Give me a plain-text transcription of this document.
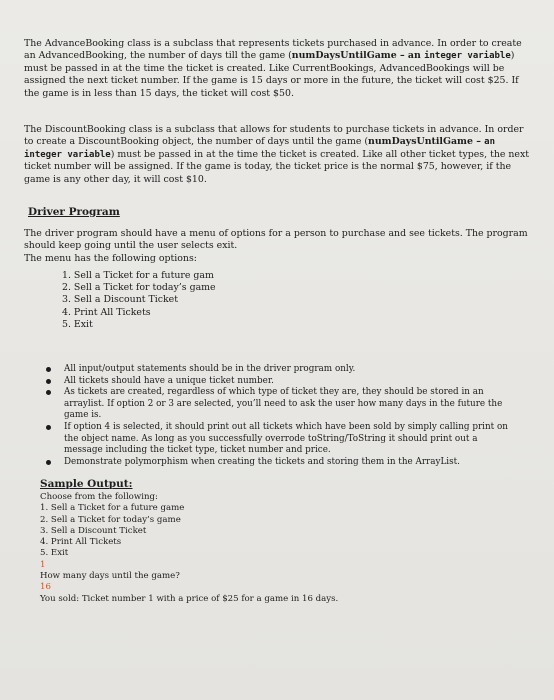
The AdvanceBooking class is a subclass that represents tickets purchased in advance. In order to create an AdvancedBooking, the number of days till the game (numDaysUntilGame – an integer variable) must be passed in at the time the ticket is created. Like CurrentBookings, AdvancedBookings will be assigned the next ticket number. If the game is 15 days or more in the future, the ticket will cost $25. If the game is in less than 15 days, the ticket will cost $50.

The DiscountBooking class is a subclass that allows for students to purchase tickets in advance. In order to create a DiscountBooking object, the number of days until the game (numDaysUntilGame – an integer variable) must be passed in at the time the ticket is created. Like all other ticket types, the next ticket number will be assigned. If the game is today, the ticket price is the normal $75, however, if the game is any other day, it will cost $10.

Driver Program

The driver program should have a menu of options for a person to purchase and see tickets. The program should keep going until the user selects exit.
The menu has the following options:

1. Sell a Ticket for a future gam
2. Sell a Ticket for today’s game
3. Sell a Discount Ticket
4. Print All Tickets
5. Exit
All input/output statements should be in the driver program only.
All tickets should have a unique ticket number.
As tickets are created, regardless of which type of ticket they are, they should be stored in an arraylist. If option 2 or 3 are selected, you’ll need to ask the user how many days in the future the game is.
If option 4 is selected, it should print out all tickets which have been sold by simply calling print on the object name. As long as you successfully overrode toString/ToString it should print out a message including the ticket type, ticket number and price.
Demonstrate polymorphism when creating the tickets and storing them in the ArrayList.

Sample Output:

Choose from the following:
1. Sell a Ticket for a future game
2. Sell a Ticket for today’s game
3. Sell a Discount Ticket
4. Print All Tickets
5. Exit
1
How many days until the game?
16
You sold: Ticket number 1 with a price of $25 for a game in 16 days.
